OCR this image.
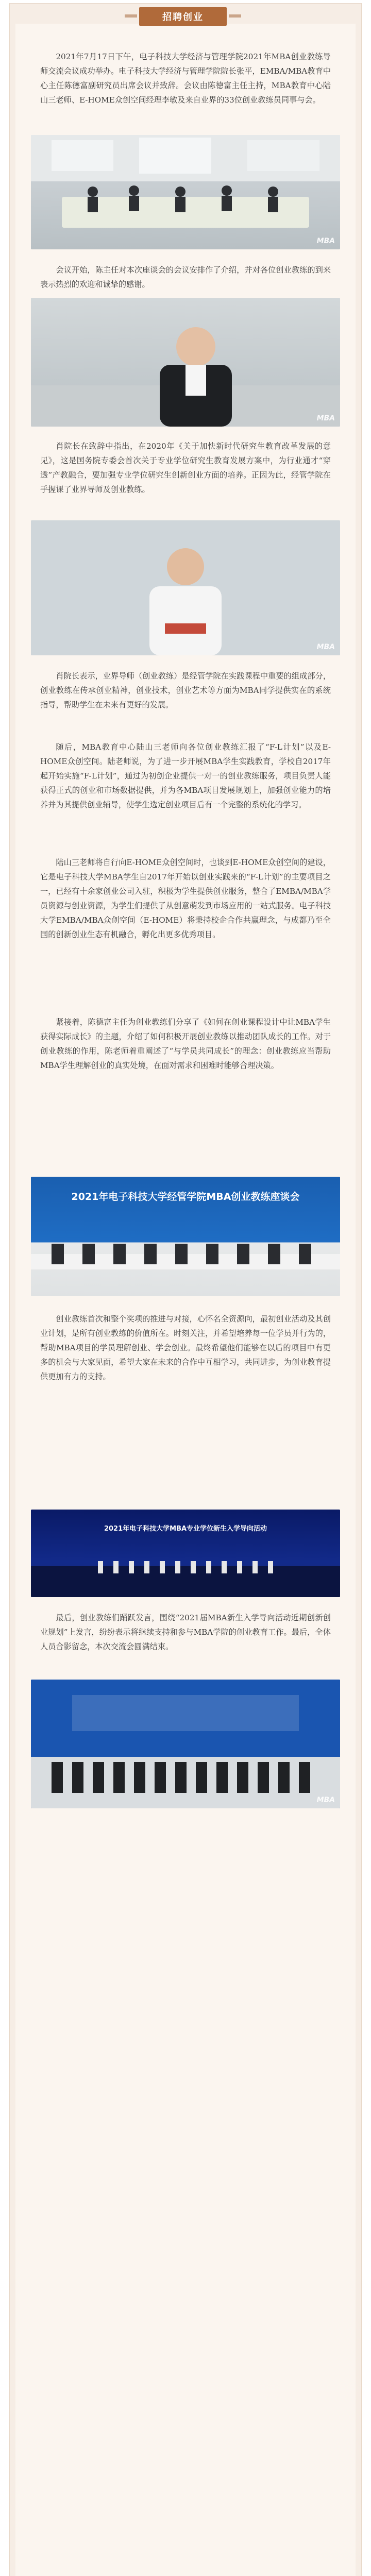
招聘创业

2021年7月17日下午，电子科技大学经济与管理学院2021年MBA创业教练导师交流会议成功举办。电子科技大学经济与管理学院院长张平，EMBA/MBA教育中心主任陈德富副研究员出席会议并致辞。会议由陈德富主任主持，MBA教育中心陆山三老师、E-HOME众创空间经理李敏及来自业界的33位创业教练员同事与会。

MBA

会议开始，陈主任对本次座谈会的会议安排作了介绍，并对各位创业教练的到来表示热烈的欢迎和诚挚的感谢。

MBA

肖院长在致辞中指出，在2020年《关于加快新时代研究生教育改革发展的意见》，这是国务院专委会首次关于专业学位研究生教育发展方案中，为行业通才“穿透”产教融合，要加强专业学位研究生创新创业方面的培养。正因为此，经管学院在手握课了业界导师及创业教练。

MBA

肖院长表示，业界导师（创业教练）是经管学院在实践课程中重要的组成部分，创业教练在传承创业精神，创业技术，创业艺术等方面为MBA同学提供实在的系统指导，帮助学生在未来有更好的发展。

随后，MBA教育中心陆山三老师向各位创业教练汇报了“F-L计划”以及E-HOME众创空间。陆老师说，为了进一步开展MBA学生实践教育，学校自2017年起开始实施“F-L计划”，通过为初创企业提供一对一的创业教练服务，项目负责人能获得正式的创业和市场数据提供，并为各MBA项目发展规划上，加强创业能力的培养并为其提供创业辅导，使学生选定创业项目后有一个完整的系统化的学习。

陆山三老师将自行向E-HOME众创空间时，也谈到E-HOME众创空间的建设，它是电子科技大学MBA学生自2017年开始以创业实践来的“F-L计划”的主要项目之一，已经有十余家创业公司入驻，积极为学生提供创业服务，整合了EMBA/MBA学员资源与创业资源，为学生们提供了从创意萌发到市场应用的一站式服务。电子科技大学EMBA/MBA众创空间（E-HOME）将秉持校企合作共赢理念，与成都乃至全国的创新创业生态有机融合，孵化出更多优秀项目。

紧接着，陈德富主任为创业教练们分享了《如何在创业课程设计中让MBA学生获得实际成长》的主题，介绍了如何积极开展创业教练以推动团队成长的工作。对于创业教练的作用，陈老师着重阐述了“与学员共同成长”的理念：创业教练应当帮助MBA学生理解创业的真实处境，在面对需求和困难时能够合理决策。

2021年电子科技大学经管学院MBA创业教练座谈会

创业教练首次和整个奖项的推进与对接，心怀名全资源向，最初创业活动及其创业计划，是所有创业教练的价值所在。时刻关注，并希望培养每一位学员并行为的，帮助MBA项目的学员理解创业、学会创业。最终希望他们能够在以后的项目中有更多的机会与大家见面，希望大家在未来的合作中互相学习，共同进步，为创业教育提供更加有力的支持。

2021年电子科技大学MBA专业学位新生入学导向活动

最后，创业教练们踊跃发言，围绕“2021届MBA新生入学导向活动近期创新创业规划”上发言，纷纷表示将继续支持和参与MBA学院的创业教育工作。最后，全体人员合影留念，本次交流会圆满结束。

MBA
